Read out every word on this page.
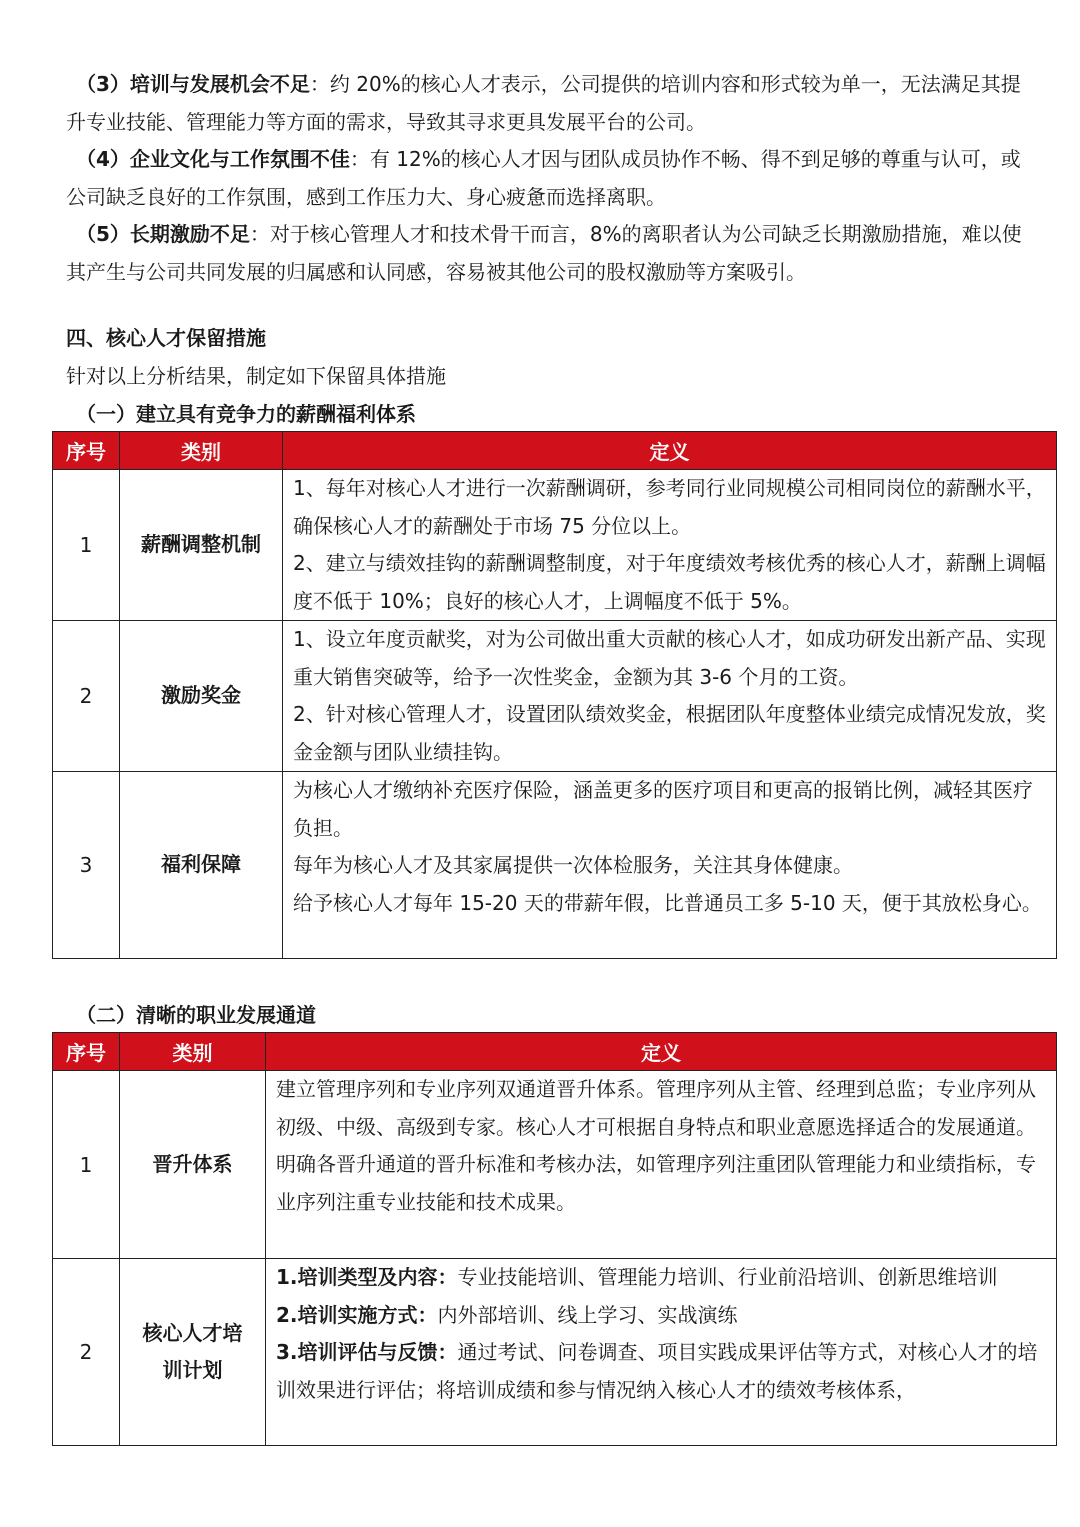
（3）培训与发展机会不足：约 20%的核心人才表示，公司提供的培训内容和形式较为单一，无法满足其提升专业技能、管理能力等方面的需求，导致其寻求更具发展平台的公司。

（4）企业文化与工作氛围不佳：有 12%的核心人才因与团队成员协作不畅、得不到足够的尊重与认可，或公司缺乏良好的工作氛围，感到工作压力大、身心疲惫而选择离职。

（5）长期激励不足：对于核心管理人才和技术骨干而言，8%的离职者认为公司缺乏长期激励措施，难以使其产生与公司共同发展的归属感和认同感，容易被其他公司的股权激励等方案吸引。

四、核心人才保留措施
针对以上分析结果，制定如下保留具体措施
（一）建立具有竞争力的薪酬福利体系
序号	类别	定义
1	薪酬调整机制	1、每年对核心人才进行一次薪酬调研，参考同行业同规模公司相同岗位的薪酬水平，确保核心人才的薪酬处于市场 75 分位以上。

2、建立与绩效挂钩的薪酬调整制度，对于年度绩效考核优秀的核心人才，薪酬上调幅度不低于 10%；良好的核心人才，上调幅度不低于 5%。

2	激励奖金	1、设立年度贡献奖，对为公司做出重大贡献的核心人才，如成功研发出新产品、实现重大销售突破等，给予一次性奖金，金额为其 3-6 个月的工资。

2、针对核心管理人才，设置团队绩效奖金，根据团队年度整体业绩完成情况发放，奖金金额与团队业绩挂钩。

3	福利保障	为核心人才缴纳补充医疗保险，涵盖更多的医疗项目和更高的报销比例，减轻其医疗负担。

每年为核心人才及其家属提供一次体检服务，关注其身体健康。

给予核心人才每年 15-20 天的带薪年假，比普通员工多 5-10 天，便于其放松身心。

（二）清晰的职业发展通道
序号	类别	定义
1	晋升体系	建立管理序列和专业序列双通道晋升体系。管理序列从主管、经理到总监；专业序列从初级、中级、高级到专家。核心人才可根据自身特点和职业意愿选择适合的发展通道。

明确各晋升通道的晋升标准和考核办法，如管理序列注重团队管理能力和业绩指标，专业序列注重专业技能和技术成果。

2	核心人才培训计划	1.培训类型及内容：专业技能培训、管理能力培训、行业前沿培训、创新思维培训

2.培训实施方式：内外部培训、线上学习、实战演练

3.培训评估与反馈：通过考试、问卷调查、项目实践成果评估等方式，对核心人才的培训效果进行评估；将培训成绩和参与情况纳入核心人才的绩效考核体系，
